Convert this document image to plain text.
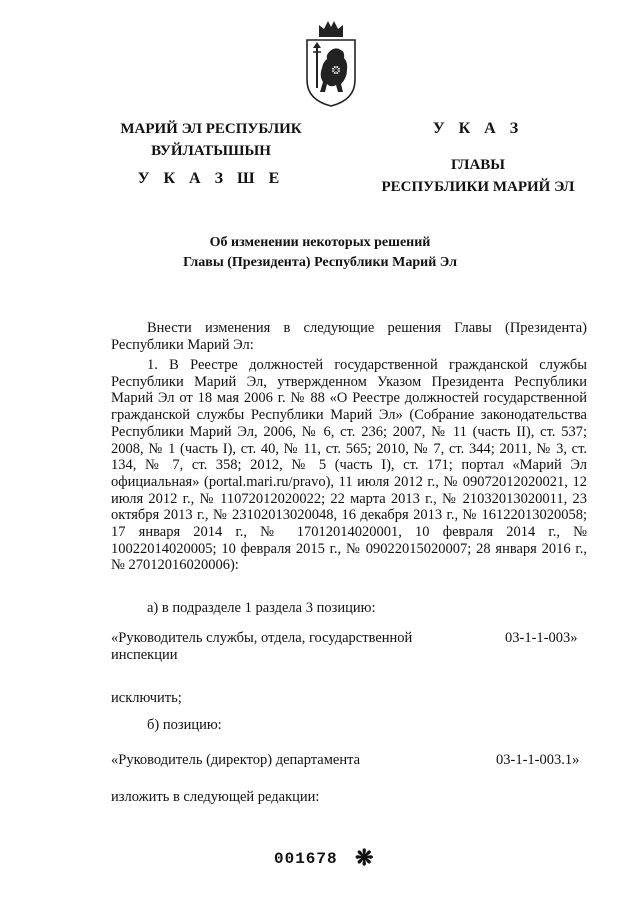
МАРИЙ ЭЛ РЕСПУБЛИК
ВУЙЛАТЫШЫН
У К А З Ш Е
У К А З
ГЛАВЫ
РЕСПУБЛИКИ МАРИЙ ЭЛ
Об изменении некоторых решений
Главы (Президента) Республики Марий Эл
Внести изменения в следующие решения Главы (Президента) Республики Марий Эл:
1. В Реестре должностей государственной гражданской службы Республики Марий Эл, утвержденном Указом Президента Республики Марий Эл от 18 мая 2006 г. № 88 «О Реестре должностей государственной гражданской службы Республики Марий Эл» (Собрание законодательства Республики Марий Эл, 2006, № 6, ст. 236; 2007, № 11 (часть II), ст. 537; 2008, № 1 (часть I), ст. 40, № 11, ст. 565; 2010, № 7, ст. 344; 2011, № 3, ст. 134, № 7, ст. 358; 2012, № 5 (часть I), ст. 171; портал «Марий Эл официальная» (portal.mari.ru/pravo), 11 июля 2012 г., № 09072012020021, 12 июля 2012 г., № 11072012020022; 22 марта 2013 г., № 21032013020011, 23 октября 2013 г., № 23102013020048, 16 декабря 2013 г., № 16122013020058; 17 января 2014 г., № 17012014020001, 10 февраля 2014 г., № 10022014020005; 10 февраля 2015 г., № 09022015020007; 28 января 2016 г., № 27012016020006):
а) в подразделе 1 раздела 3 позицию:
«Руководитель службы, отдела, государственной инспекции
03-1-1-003»
исключить;
б) позицию:
«Руководитель (директор) департамента	03-1-1-003.1»
изложить в следующей редакции:
001678 ❋
